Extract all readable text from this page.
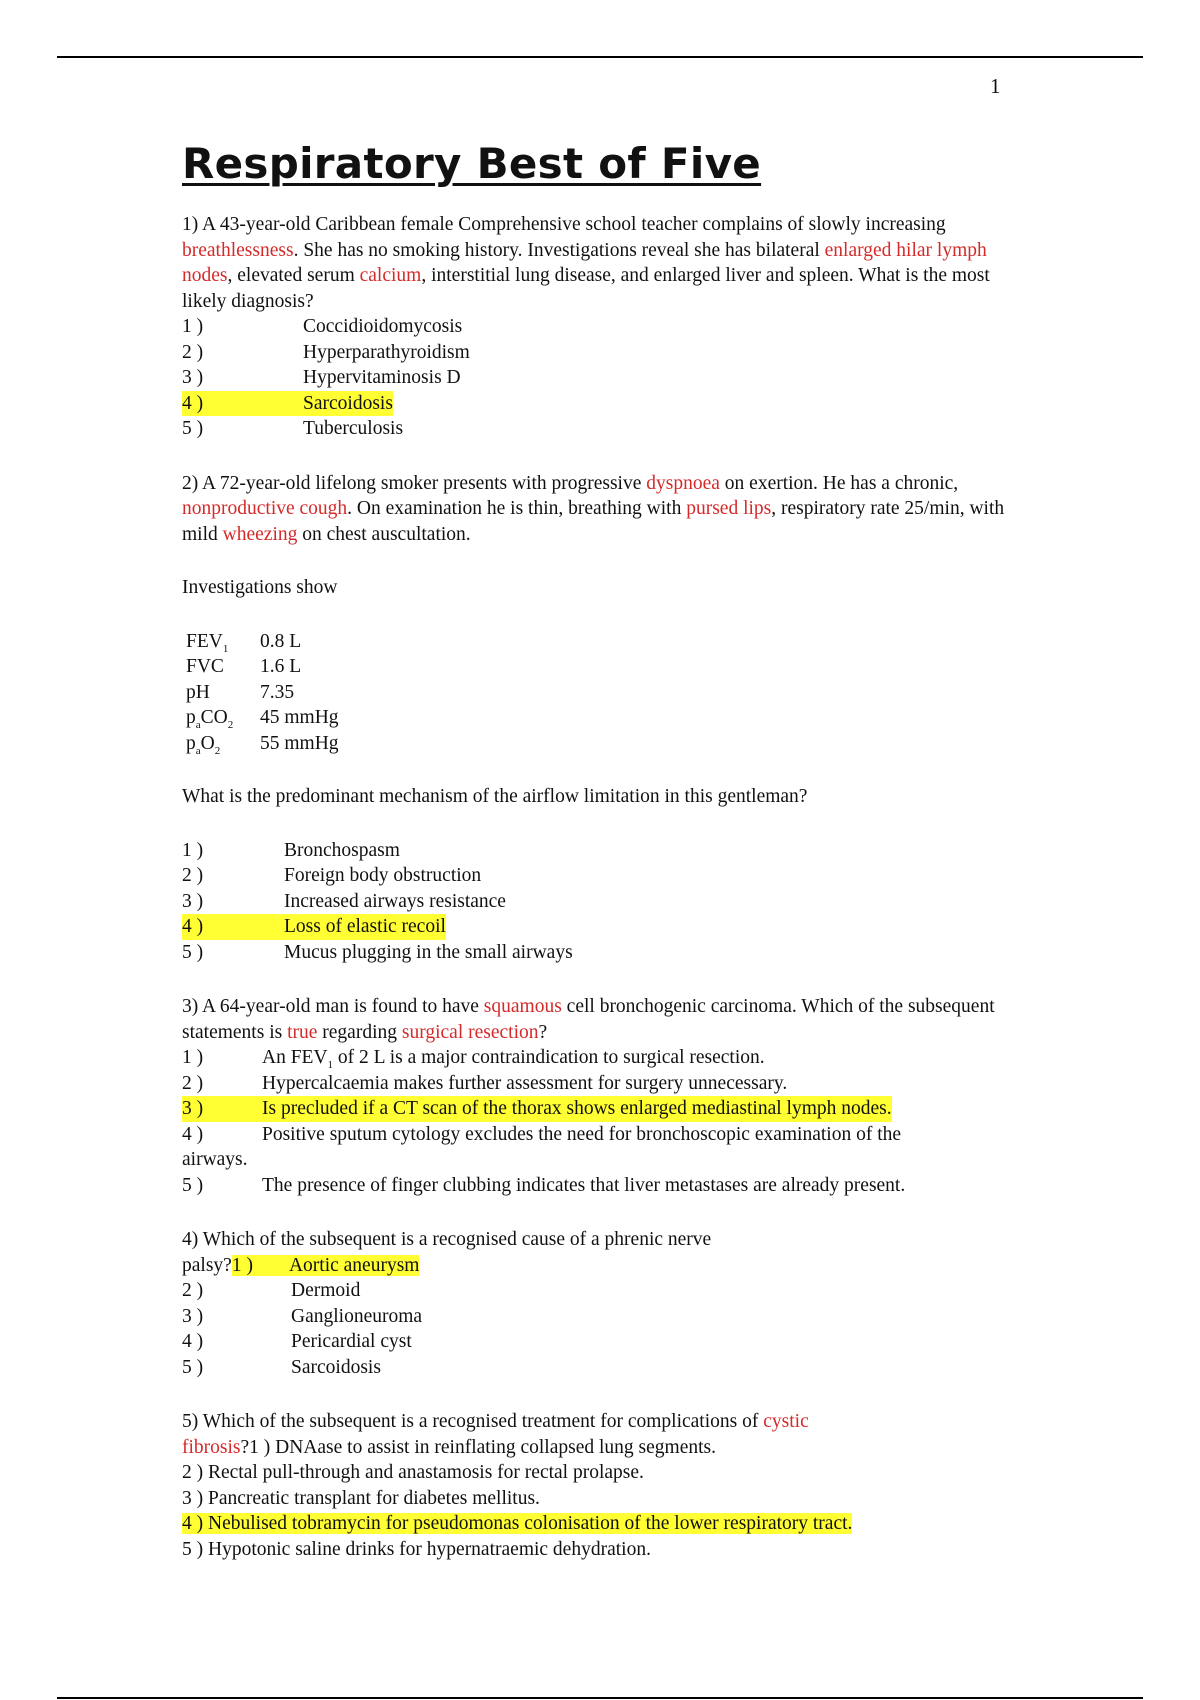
1
Respiratory Best of Five

1) A 43-year-old Caribbean female Comprehensive school teacher complains of slowly increasing breathlessness. She has no smoking history. Investigations reveal she has bilateral enlarged hilar lymph nodes, elevated serum calcium, interstitial lung disease, and enlarged liver and spleen. What is the most likely diagnosis?

1 )	Coccidioidomycosis
2 )	Hyperparathyroidism
3 )	Hypervitaminosis D
4 )	Sarcoidosis
5 )	Tuberculosis

2) A 72-year-old lifelong smoker presents with progressive dyspnoea on exertion. He has a chronic, nonproductive cough. On examination he is thin, breathing with pursed lips, respiratory rate 25/min, with mild wheezing on chest auscultation.

Investigations show

$FEV_1$	0.8 L
FVC	1.6 L
pH	7.35
$p_aCO_2$	45 mmHg
$p_aO_2$	55 mmHg

What is the predominant mechanism of the airflow limitation in this gentleman?

1 )	Bronchospasm
2 )	Foreign body obstruction
3 )	Increased airways resistance
4 )	Loss of elastic recoil
5 )	Mucus plugging in the small airways

3) A 64-year-old man is found to have squamous cell bronchogenic carcinoma. Which of the subsequent statements is true regarding surgical resection?

1 )	An $FEV_1$ of 2 L is a major contraindication to surgical resection.
2 )	Hypercalcaemia makes further assessment for surgery unnecessary.
3 )	Is precluded if a CT scan of the thorax shows enlarged mediastinal lymph nodes.
4 )	Positive sputum cytology excludes the need for bronchoscopic examination of the

airways.

5 )	The presence of finger clubbing indicates that liver metastases are already present.

4) Which of the subsequent is a recognised cause of a phrenic nerve

palsy?1 ) Aortic aneurysm
2 )	Dermoid
3 )	Ganglioneuroma
4 )	Pericardial cyst
5 )	Sarcoidosis

5) Which of the subsequent is a recognised treatment for complications of cystic
fibrosis?1 ) DNAase to assist in reinflating collapsed lung segments.

2 ) Rectal pull-through and anastamosis for rectal prolapse.

3 ) Pancreatic transplant for diabetes mellitus.

4 ) Nebulised tobramycin for pseudomonas colonisation of the lower respiratory tract.

5 ) Hypotonic saline drinks for hypernatraemic dehydration.
